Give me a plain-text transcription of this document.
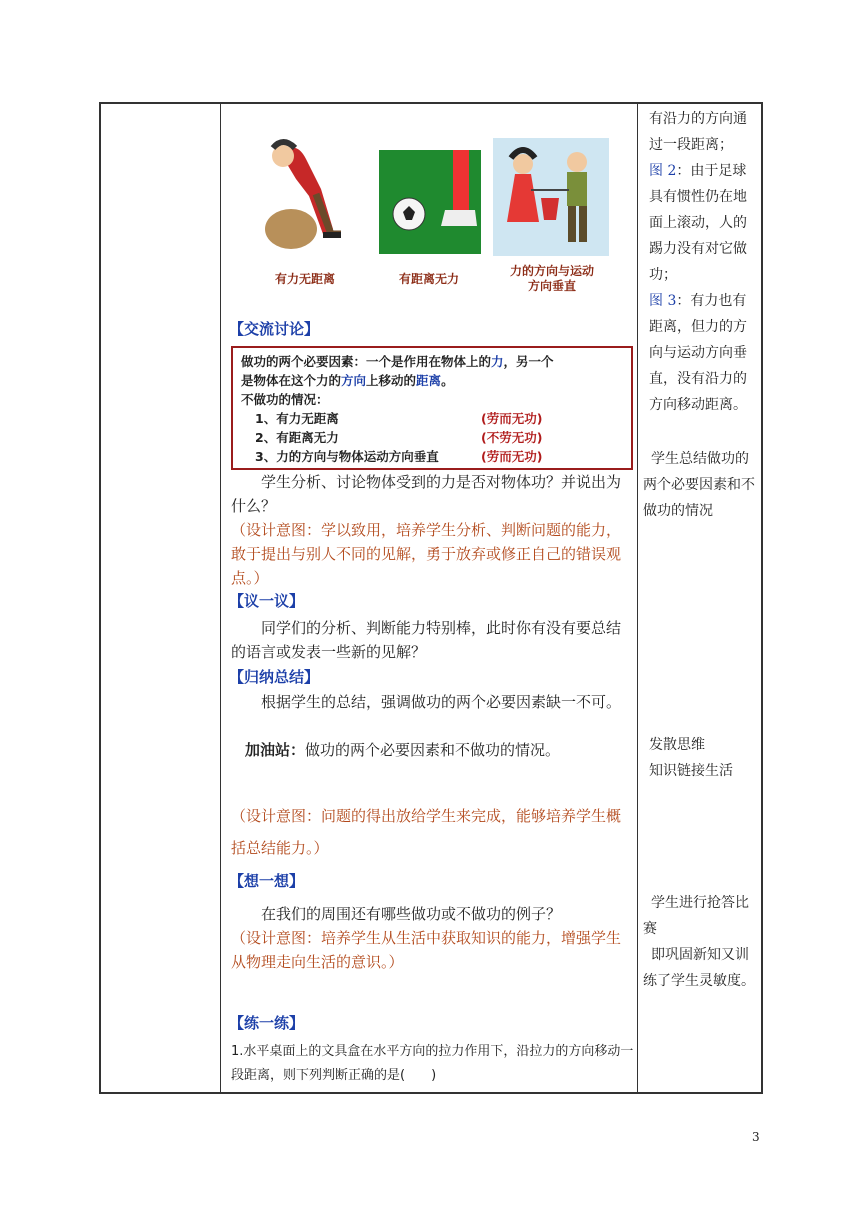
有力无距离	有距离无力
力的方向与运动
方向垂直
【交流讨论】
做功的两个必要因素：一个是作用在物体上的力，另一个
是物体在这个力的方向上移动的距离。
不做功的情况：
1、有力无距离	(劳而无功)
2、有距离无力	(不劳无功)
3、力的方向与物体运动方向垂直	(劳而无功)
学生分析、讨论物体受到的力是否对物体功？并说出为什么？
（设计意图：学以致用，培养学生分析、判断问题的能力，敢于提出与别人不同的见解，勇于放弃或修正自己的错误观点。）
【议一议】
同学们的分析、判断能力特别棒，此时你有没有要总结的语言或发表一些新的见解？
【归纳总结】
根据学生的总结，强调做功的两个必要因素缺一不可。
加油站：做功的两个必要因素和不做功的情况。
（设计意图：问题的得出放给学生来完成，能够培养学生概括总结能力。）
【想一想】
在我们的周围还有哪些做功或不做功的例子？
（设计意图：培养学生从生活中获取知识的能力，增强学生从物理走向生活的意识。）
【练一练】
1.水平桌面上的文具盒在水平方向的拉力作用下，沿拉力的方向移动一段距离，则下列判断正确的是(　　)
有沿力的方向通过一段距离；
图 2：由于足球具有惯性仍在地面上滚动，人的踢力没有对它做功；
图 3：有力也有距离，但力的方向与运动方向垂直，没有沿力的方向移动距离。
学生总结做功的两个必要因素和不做功的情况
发散思维
知识链接生活
学生进行抢答比赛
即巩固新知又训练了学生灵敏度。
3
